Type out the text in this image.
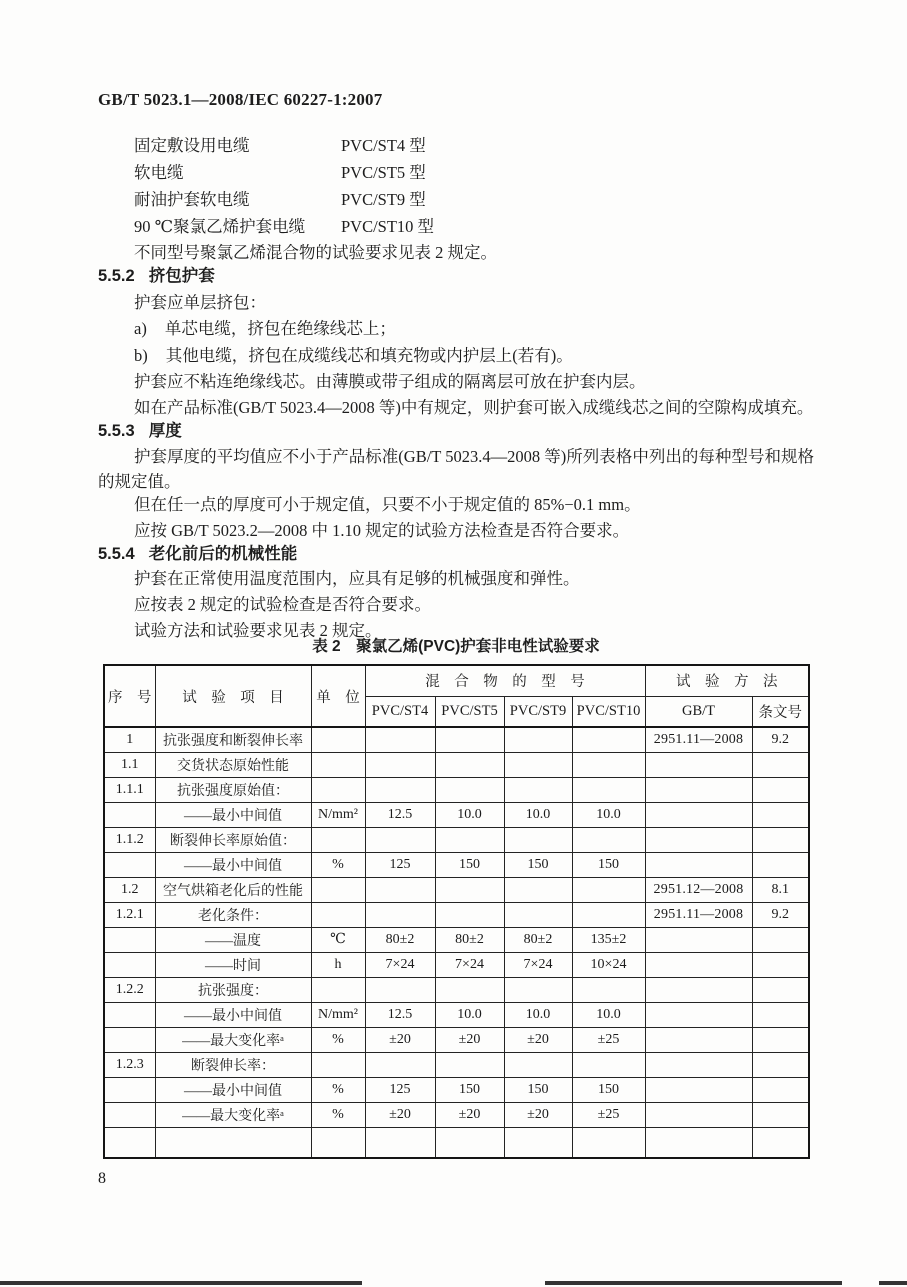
GB/T 5023.1—2008/IEC 60227-1:2007
固定敷设用电缆	PVC/ST4 型
软电缆	PVC/ST5 型
耐油护套软电缆	PVC/ST9 型
90 ℃聚氯乙烯护套电缆	PVC/ST10 型
不同型号聚氯乙烯混合物的试验要求见表 2 规定。
5.5.2 挤包护套
护套应单层挤包：
a) 单芯电缆，挤包在绝缘线芯上；
b) 其他电缆，挤包在成缆线芯和填充物或内护层上(若有)。
护套应不粘连绝缘线芯。由薄膜或带子组成的隔离层可放在护套内层。
如在产品标准(GB/T 5023.4—2008 等)中有规定，则护套可嵌入成缆线芯之间的空隙构成填充。
5.5.3 厚度
护套厚度的平均值应不小于产品标准(GB/T 5023.4—2008 等)所列表格中列出的每种型号和规格的规定值。
但在任一点的厚度可小于规定值，只要不小于规定值的 85%−0.1 mm。
应按 GB/T 5023.2—2008 中 1.10 规定的试验方法检查是否符合要求。
5.5.4 老化前后的机械性能
护套在正常使用温度范围内，应具有足够的机械强度和弹性。
应按表 2 规定的试验检查是否符合要求。
试验方法和试验要求见表 2 规定。
表 2　聚氯乙烯(PVC)护套非电性试验要求
序　号	试　验　项　目	单　位	混　合　物　的　型　号				试　验　方　法	
			PVC/ST4	PVC/ST5	PVC/ST9	PVC/ST10	GB/T	条文号
1	抗张强度和断裂伸长率						2951.11—2008	9.2
1.1	交货状态原始性能							
1.1.1	抗张强度原始值：							
	——最小中间值	N/mm²	12.5	10.0	10.0	10.0		
1.1.2	断裂伸长率原始值：							
	——最小中间值	%	125	150	150	150		
1.2	空气烘箱老化后的性能						2951.12—2008	8.1
1.2.1	老化条件：						2951.11—2008	9.2
	——温度	℃	80±2	80±2	80±2	135±2		
	——时间	h	7×24	7×24	7×24	10×24		
1.2.2	抗张强度：							
	——最小中间值	N/mm²	12.5	10.0	10.0	10.0		
	——最大变化率ᵃ	%	±20	±20	±20	±25		
1.2.3	断裂伸长率：							
	——最小中间值	%	125	150	150	150		
	——最大变化率ᵃ	%	±20	±20	±20	±25		

8
